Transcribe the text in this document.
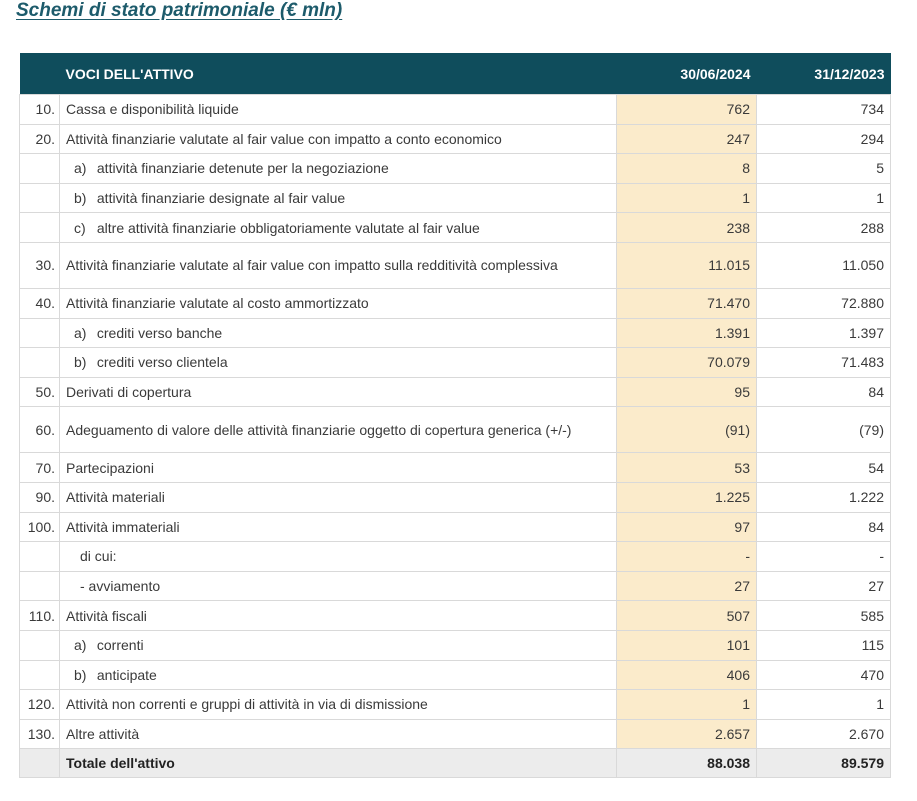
Schemi di stato patrimoniale (€ mln)
	VOCI DELL'ATTIVO	30/06/2024	31/12/2023
10.	Cassa e disponibilità liquide	762	734
20.	Attività finanziarie valutate al fair value con impatto a conto economico	247	294
	a) attività finanziarie detenute per la negoziazione	8	5
	b) attività finanziarie designate al fair value	1	1
	c) altre attività finanziarie obbligatoriamente valutate al fair value	238	288
30.	Attività finanziarie valutate al fair value con impatto sulla redditività complessiva	11.015	11.050
40.	Attività finanziarie valutate al costo ammortizzato	71.470	72.880
	a) crediti verso banche	1.391	1.397
	b) crediti verso clientela	70.079	71.483
50.	Derivati di copertura	95	84
60.	Adeguamento di valore delle attività finanziarie oggetto di copertura generica (+/-)	(91)	(79)
70.	Partecipazioni	53	54
90.	Attività materiali	1.225	1.222
100.	Attività immateriali	97	84
	di cui:	-	-
	- avviamento	27	27
110.	Attività fiscali	507	585
	a) correnti	101	115
	b) anticipate	406	470
120.	Attività non correnti e gruppi di attività in via di dismissione	1	1
130.	Altre attività	2.657	2.670
	Totale dell'attivo	88.038	89.579
